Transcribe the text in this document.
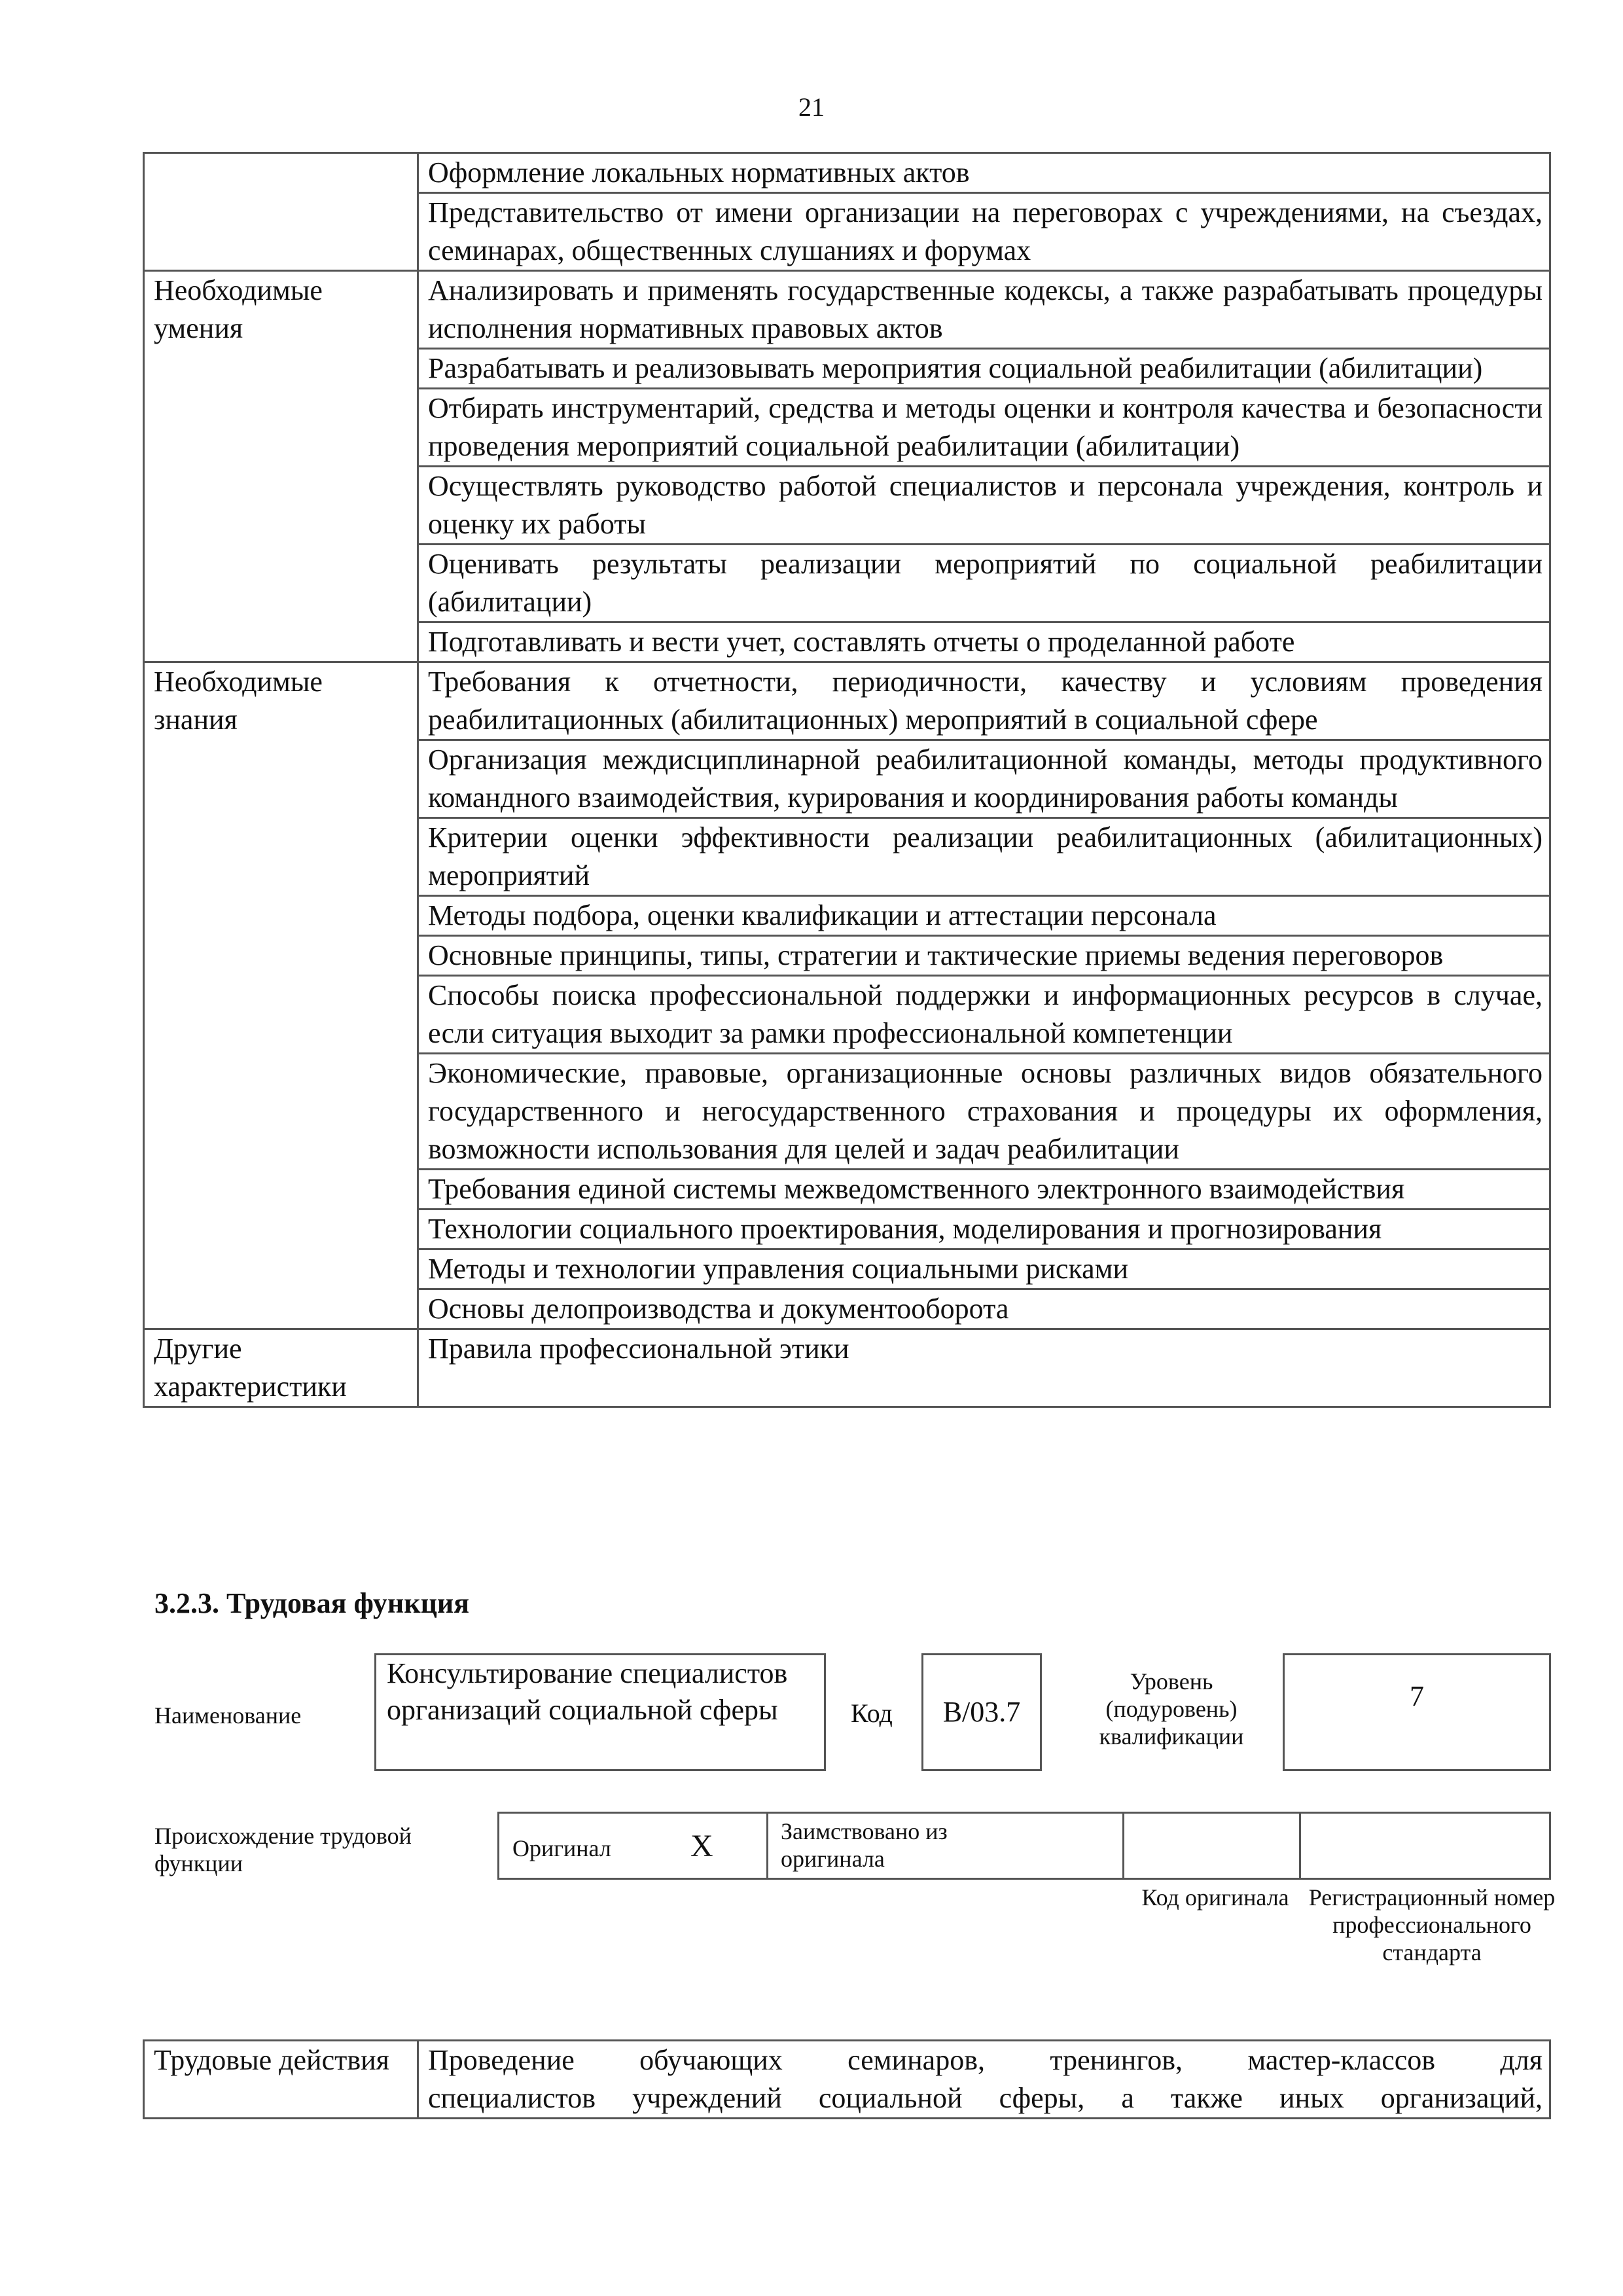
21
	Оформление локальных нормативных актов
	Представительство от имени организации на переговорах с учреждениями, на съездах, семинарах, общественных слушаниях и форумах
Необходимые умения	Анализировать и применять государственные кодексы, а также разрабатывать процедуры исполнения нормативных правовых актов
	Разрабатывать и реализовывать мероприятия социальной реабилитации (абилитации)
	Отбирать инструментарий, средства и методы оценки и контроля качества и безопасности проведения мероприятий социальной реабилитации (абилитации)
	Осуществлять руководство работой специалистов и персонала учреждения, контроль и оценку их работы
	Оценивать результаты реализации мероприятий по социальной реабилитации (абилитации)
	Подготавливать и вести учет, составлять отчеты о проделанной работе
Необходимые знания	Требования к отчетности, периодичности, качеству и условиям проведения реабилитационных (абилитационных) мероприятий в социальной сфере
	Организация междисциплинарной реабилитационной команды, методы продуктивного командного взаимодействия, курирования и координирования работы команды
	Критерии оценки эффективности реализации реабилитационных (абилитационных) мероприятий
	Методы подбора, оценки квалификации и аттестации персонала
	Основные принципы, типы, стратегии и тактические приемы ведения переговоров
	Способы поиска профессиональной поддержки и информационных ресурсов в случае, если ситуация выходит за рамки профессиональной компетенции
	Экономические, правовые, организационные основы различных видов обязательного государственного и негосударственного страхования и процедуры их оформления, возможности использования для целей и задач реабилитации
	Требования единой системы межведомственного электронного взаимодействия
	Технологии социального проектирования, моделирования и прогнозирования
	Методы и технологии управления социальными рисками
	Основы делопроизводства и документооборота
Другие характеристики	Правила профессиональной этики
3.2.3. Трудовая функция
Наименование
Консультирование специалистов организаций социальной сферы	Код	B/03.7
Уровень (подуровень) квалификации
7
Происхождение трудовой функции
Оригинал	X	Заимствовано из оригинала
Код оригинала Регистрационный номер профессионального стандарта
Трудовые действия	Проведение обучающих семинаров, тренингов, мастер-классов для
специалистов учреждений социальной сферы, а также иных организаций,
